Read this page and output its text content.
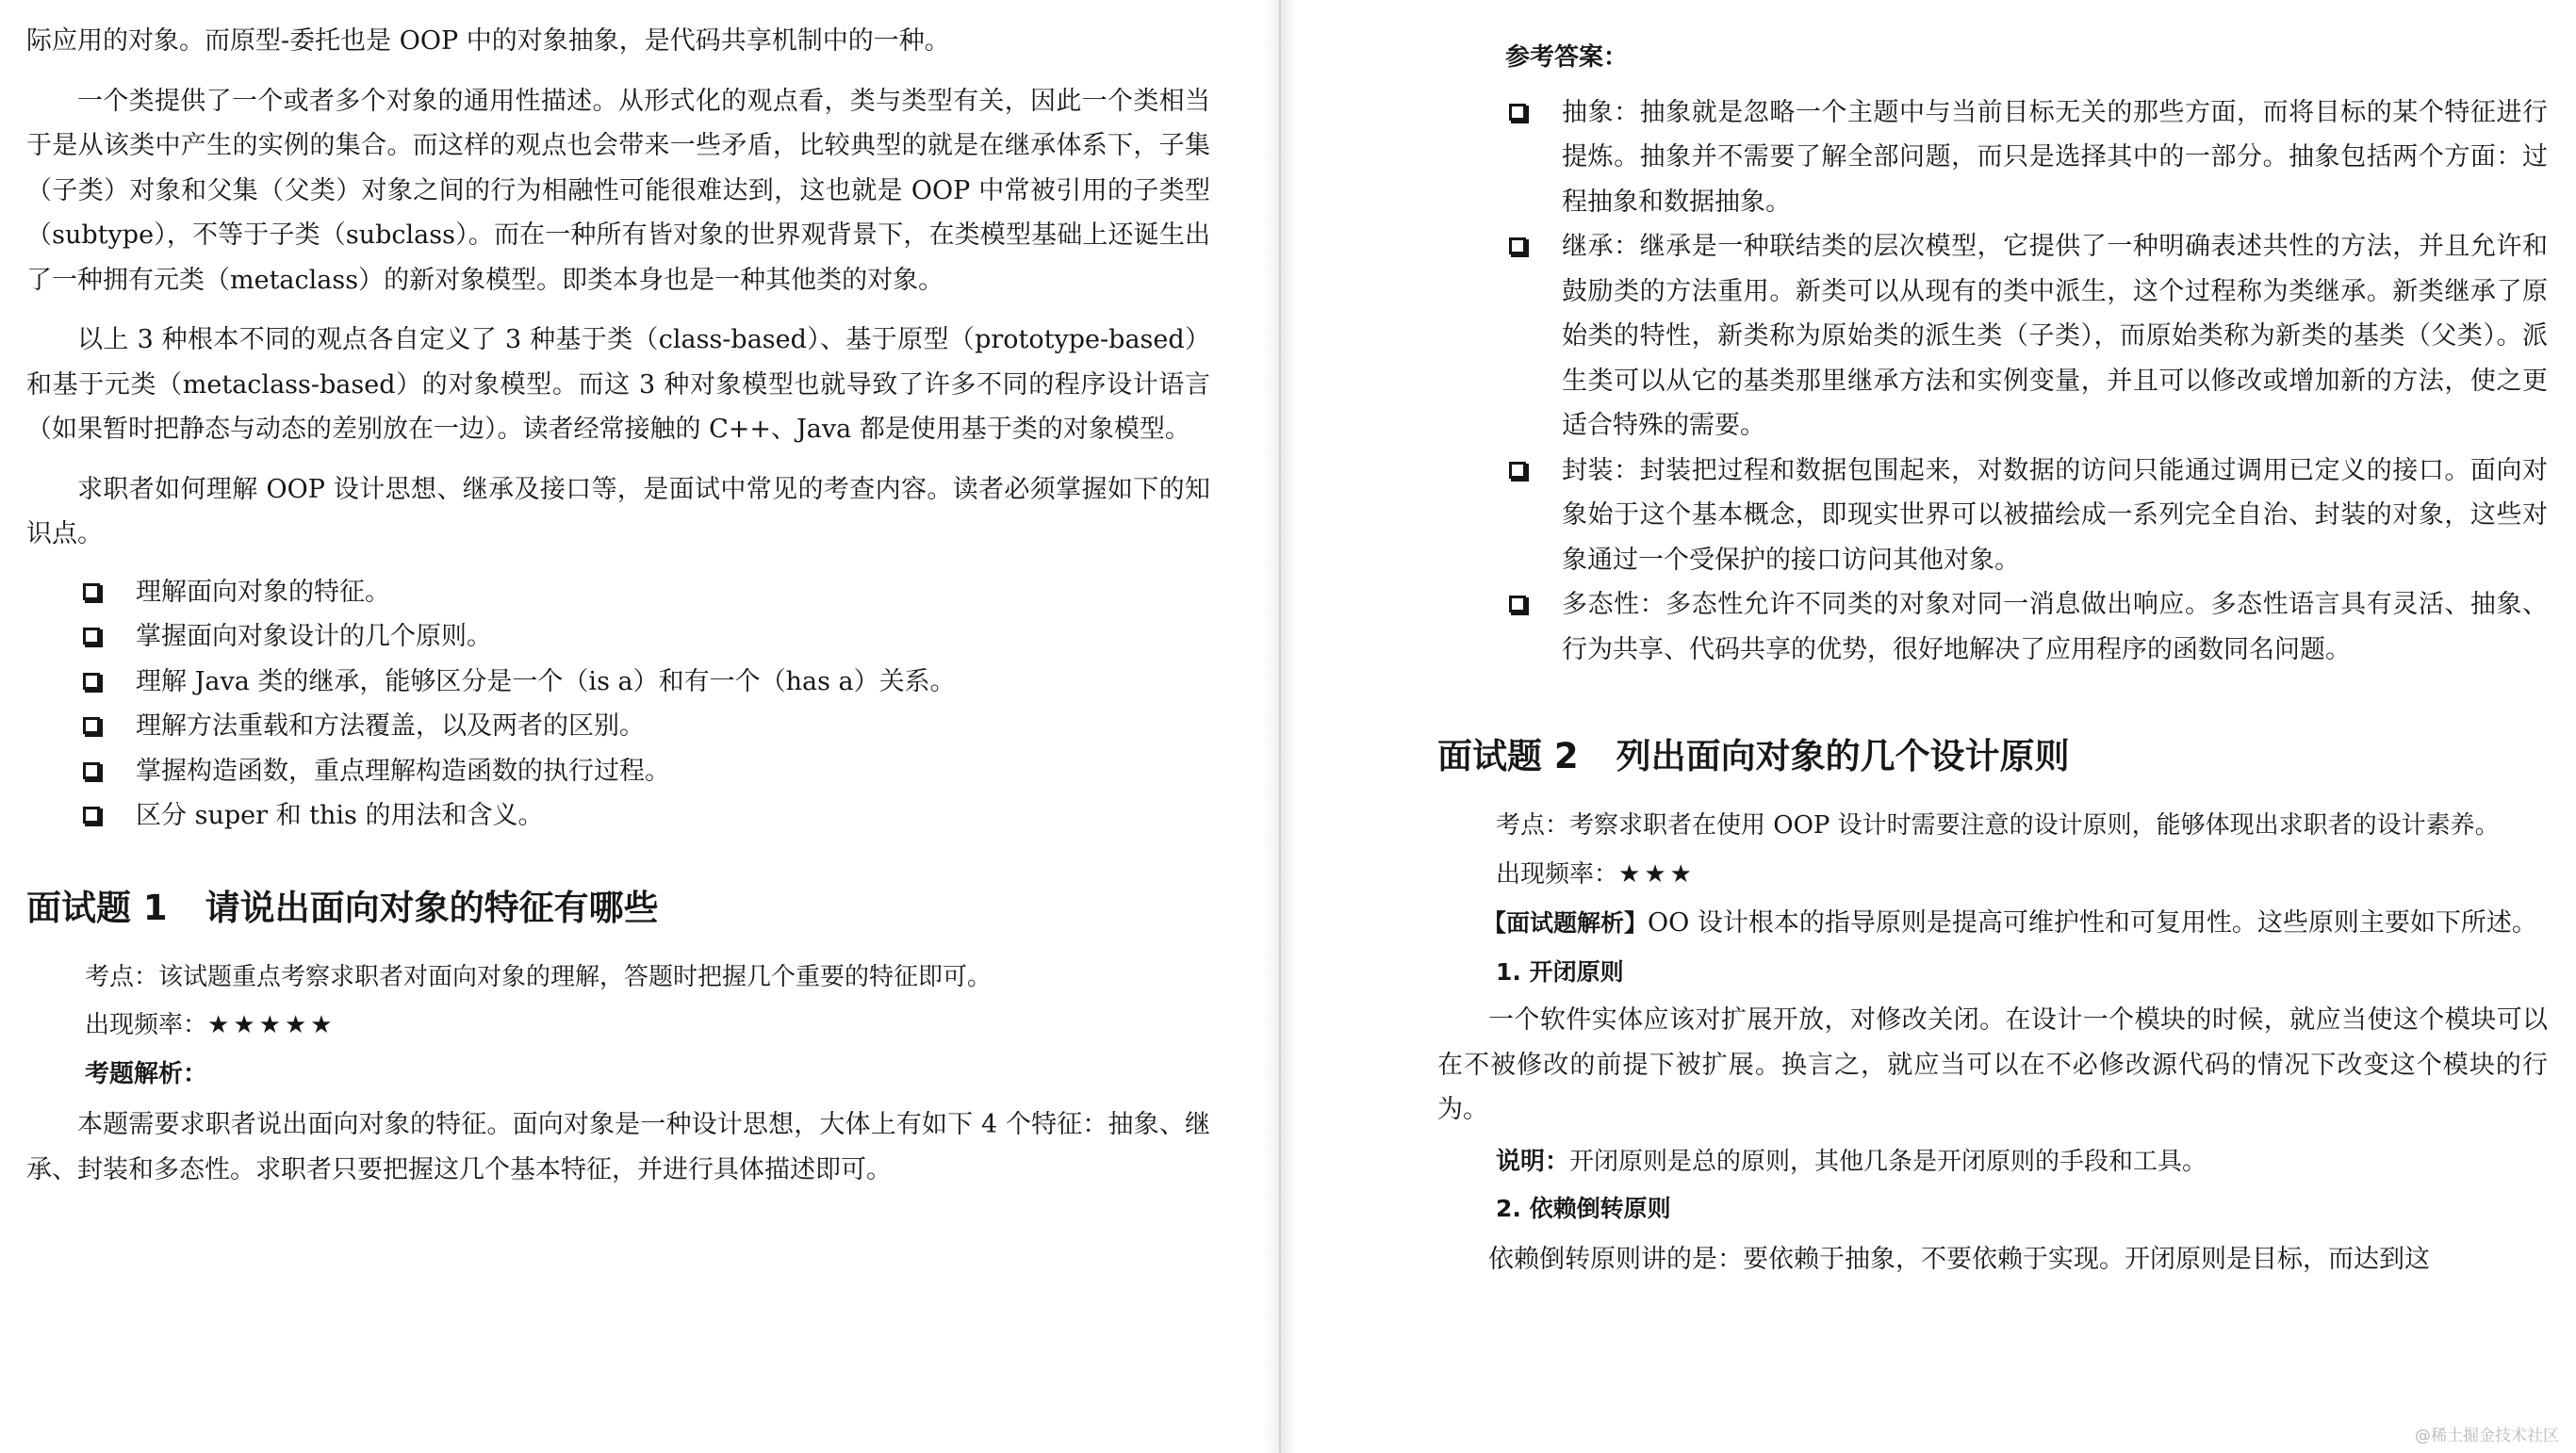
际应用的对象。而原型-委托也是 OOP 中的对象抽象，是代码共享机制中的一种。

一个类提供了一个或者多个对象的通用性描述。从形式化的观点看，类与类型有关，因此一个类相当于是从该类中产生的实例的集合。而这样的观点也会带来一些矛盾，比较典型的就是在继承体系下，子集（子类）对象和父集（父类）对象之间的行为相融性可能很难达到，这也就是 OOP 中常被引用的子类型（subtype），不等于子类（subclass）。而在一种所有皆对象的世界观背景下，在类模型基础上还诞生出了一种拥有元类（metaclass）的新对象模型。即类本身也是一种其他类的对象。

以上 3 种根本不同的观点各自定义了 3 种基于类（class-based）、基于原型（prototype-based）和基于元类（metaclass-based）的对象模型。而这 3 种对象模型也就导致了许多不同的程序设计语言（如果暂时把静态与动态的差别放在一边）。读者经常接触的 C++、Java 都是使用基于类的对象模型。

求职者如何理解 OOP 设计思想、继承及接口等，是面试中常见的考查内容。读者必须掌握如下的知识点。

理解面向对象的特征。
掌握面向对象设计的几个原则。
理解 Java 类的继承，能够区分是一个（is a）和有一个（has a）关系。
理解方法重载和方法覆盖，以及两者的区别。
掌握构造函数，重点理解构造函数的执行过程。
区分 super 和 this 的用法和含义。
面试题 1 请说出面向对象的特征有哪些

考点：该试题重点考察求职者对面向对象的理解，答题时把握几个重要的特征即可。

出现频率：★★★★★

考题解析：

本题需要求职者说出面向对象的特征。面向对象是一种设计思想，大体上有如下 4 个特征：抽象、继承、封装和多态性。求职者只要把握这几个基本特征，并进行具体描述即可。

参考答案：

抽象：抽象就是忽略一个主题中与当前目标无关的那些方面，而将目标的某个特征进行提炼。抽象并不需要了解全部问题，而只是选择其中的一部分。抽象包括两个方面：过程抽象和数据抽象。
继承：继承是一种联结类的层次模型，它提供了一种明确表述共性的方法，并且允许和鼓励类的方法重用。新类可以从现有的类中派生，这个过程称为类继承。新类继承了原始类的特性，新类称为原始类的派生类（子类），而原始类称为新类的基类（父类）。派生类可以从它的基类那里继承方法和实例变量，并且可以修改或增加新的方法，使之更适合特殊的需要。
封装：封装把过程和数据包围起来，对数据的访问只能通过调用已定义的接口。面向对象始于这个基本概念，即现实世界可以被描绘成一系列完全自治、封装的对象，这些对象通过一个受保护的接口访问其他对象。
多态性：多态性允许不同类的对象对同一消息做出响应。多态性语言具有灵活、抽象、行为共享、代码共享的优势，很好地解决了应用程序的函数同名问题。
面试题 2 列出面向对象的几个设计原则

考点：考察求职者在使用 OOP 设计时需要注意的设计原则，能够体现出求职者的设计素养。

出现频率：★★★

【面试题解析】OO 设计根本的指导原则是提高可维护性和可复用性。这些原则主要如下所述。

1. 开闭原则

一个软件实体应该对扩展开放，对修改关闭。在设计一个模块的时候，就应当使这个模块可以在不被修改的前提下被扩展。换言之，就应当可以在不必修改源代码的情况下改变这个模块的行为。

说明：开闭原则是总的原则，其他几条是开闭原则的手段和工具。

2. 依赖倒转原则

依赖倒转原则讲的是：要依赖于抽象，不要依赖于实现。开闭原则是目标，而达到这

@稀土掘金技术社区
